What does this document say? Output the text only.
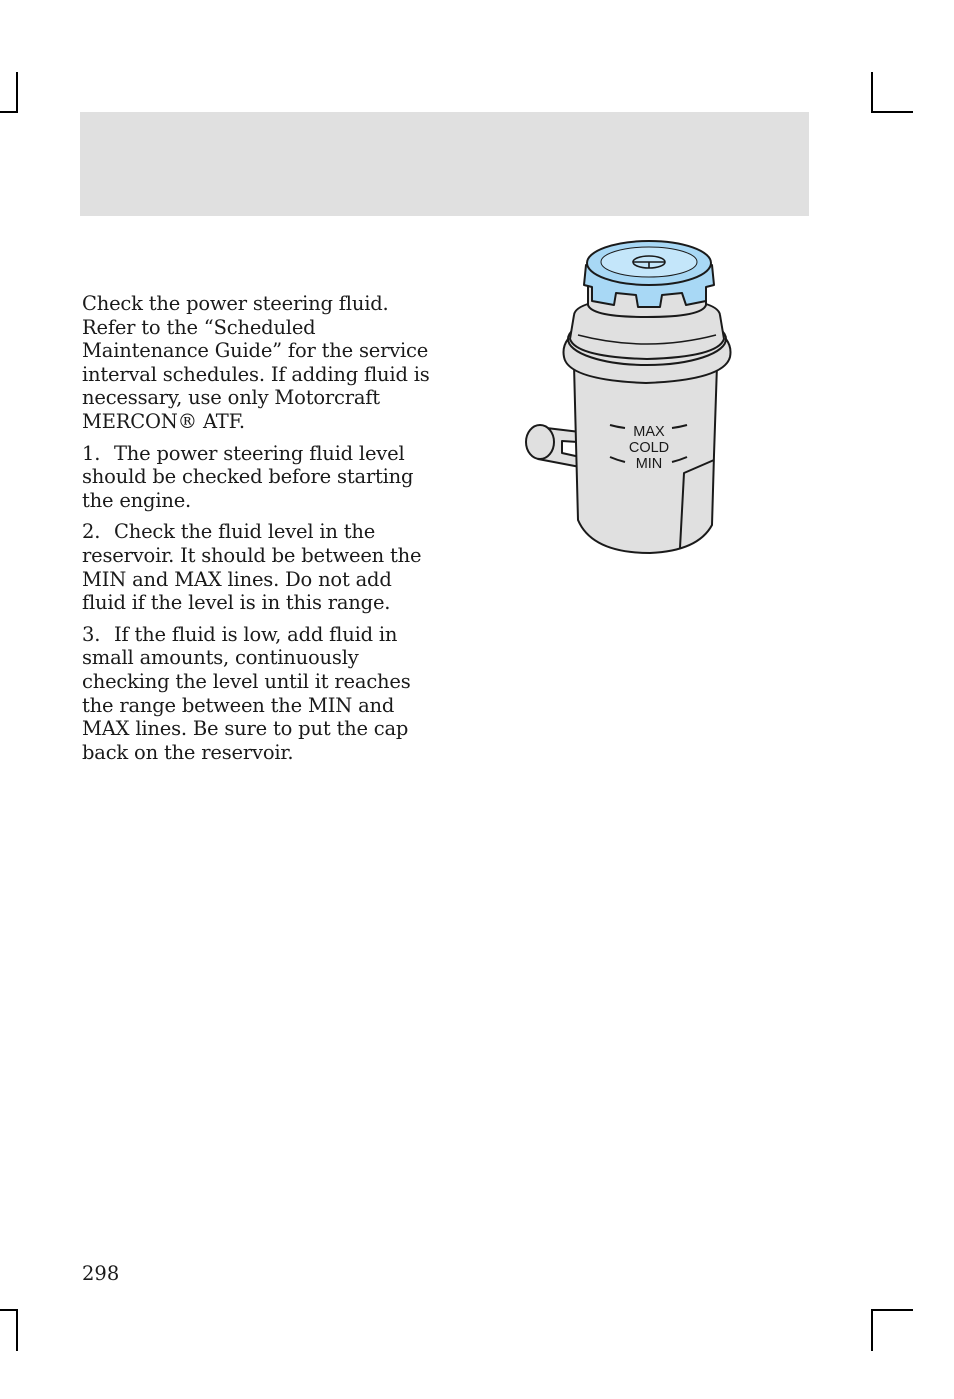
Check the power steering fluid. Refer to the “Scheduled Maintenance Guide” for the service interval schedules. If adding fluid is necessary, use only Motorcraft MERCON® ATF.

1. The power steering fluid level should be checked before starting the engine.

2. Check the fluid level in the reservoir. It should be between the MIN and MAX lines. Do not add fluid if the level is in this range.

3. If the fluid is low, add fluid in small amounts, continuously checking the level until it reaches the range between the MIN and MAX lines. Be sure to put the cap back on the reservoir.

MAX
COLD
MIN
298
